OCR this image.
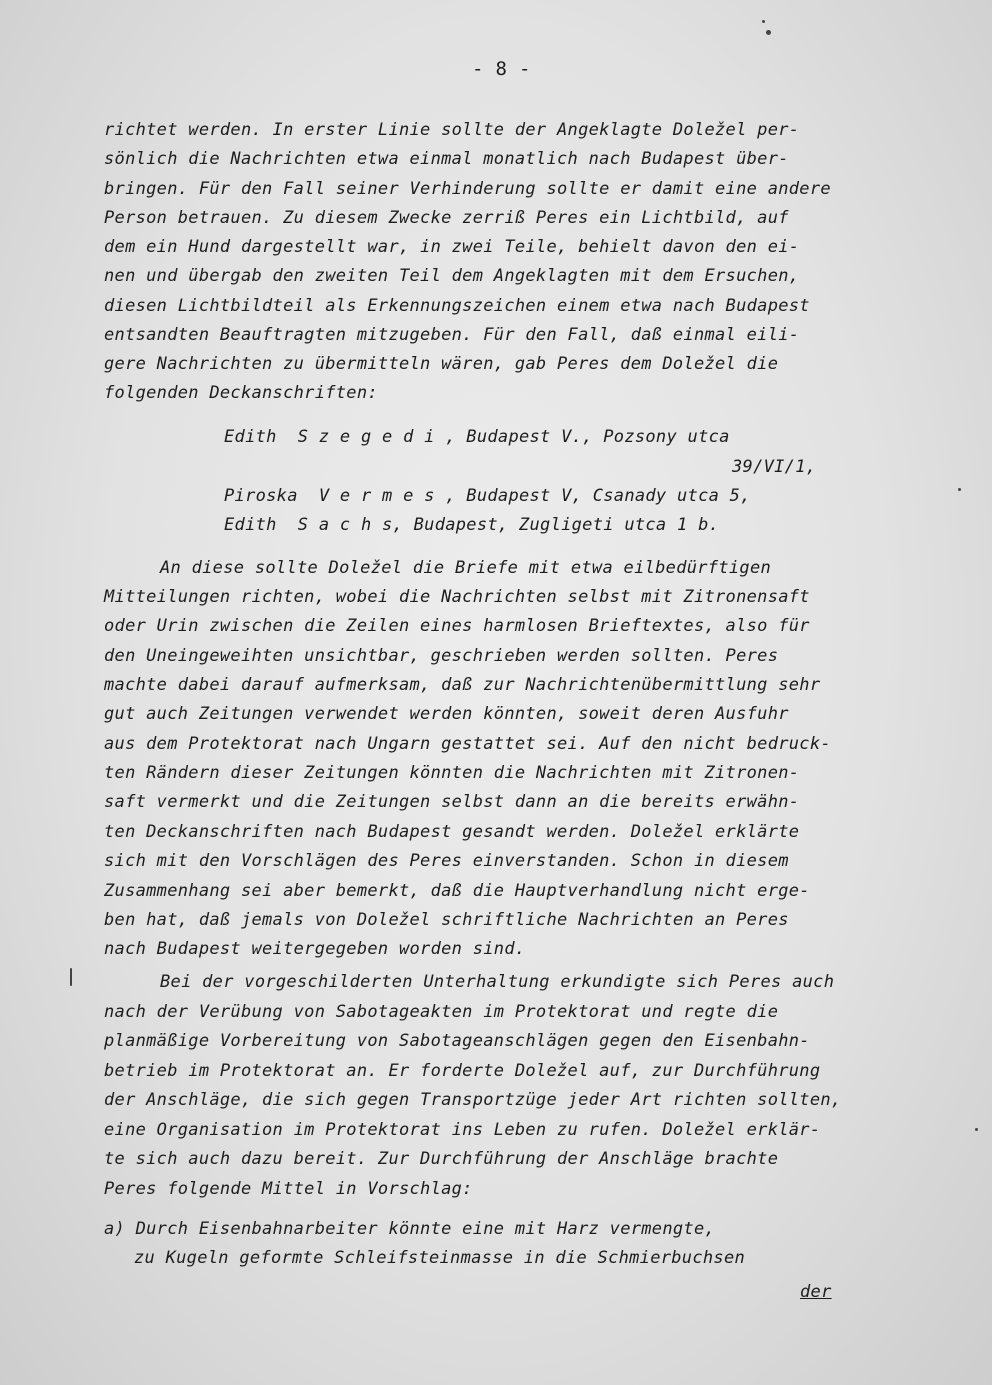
- 8 -

richtet werden. In erster Linie sollte der Angeklagte Doležel per-

sönlich die Nachrichten etwa einmal monatlich nach Budapest über-

bringen. Für den Fall seiner Verhinderung sollte er damit eine andere

Person betrauen. Zu diesem Zwecke zerriß Peres ein Lichtbild, auf

dem ein Hund dargestellt war, in zwei Teile, behielt davon den ei-

nen und übergab den zweiten Teil dem Angeklagten mit dem Ersuchen,

diesen Lichtbildteil als Erkennungszeichen einem etwa nach Budapest

entsandten Beauftragten mitzugeben. Für den Fall, daß einmal eili-

gere Nachrichten zu übermitteln wären, gab Peres dem Doležel die

folgenden Deckanschriften:

Edith  S z e g e d i , Budapest V., Pozsony utca

39/VI/1,

Piroska  V e r m e s , Budapest V, Csanady utca 5,

Edith  S a c h s, Budapest, Zugligeti utca 1 b.

An diese sollte Doležel die Briefe mit etwa eilbedürftigen

Mitteilungen richten, wobei die Nachrichten selbst mit Zitronensaft

oder Urin zwischen die Zeilen eines harmlosen Brieftextes, also für

den Uneingeweihten unsichtbar, geschrieben werden sollten. Peres

machte dabei darauf aufmerksam, daß zur Nachrichtenübermittlung sehr

gut auch Zeitungen verwendet werden könnten, soweit deren Ausfuhr

aus dem Protektorat nach Ungarn gestattet sei. Auf den nicht bedruck-

ten Rändern dieser Zeitungen könnten die Nachrichten mit Zitronen-

saft vermerkt und die Zeitungen selbst dann an die bereits erwähn-

ten Deckanschriften nach Budapest gesandt werden. Doležel erklärte

sich mit den Vorschlägen des Peres einverstanden. Schon in diesem

Zusammenhang sei aber bemerkt, daß die Hauptverhandlung nicht erge-

ben hat, daß jemals von Doležel schriftliche Nachrichten an Peres

nach Budapest weitergegeben worden sind.

Bei der vorgeschilderten Unterhaltung erkundigte sich Peres auch

nach der Verübung von Sabotageakten im Protektorat und regte die

planmäßige Vorbereitung von Sabotageanschlägen gegen den Eisenbahn-

betrieb im Protektorat an. Er forderte Doležel auf, zur Durchführung

der Anschläge, die sich gegen Transportzüge jeder Art richten sollten,

eine Organisation im Protektorat ins Leben zu rufen. Doležel erklär-

te sich auch dazu bereit. Zur Durchführung der Anschläge brachte

Peres folgende Mittel in Vorschlag:

a) Durch Eisenbahnarbeiter könnte eine mit Harz vermengte,

zu Kugeln geformte Schleifsteinmasse in die Schmierbuchsen

der
